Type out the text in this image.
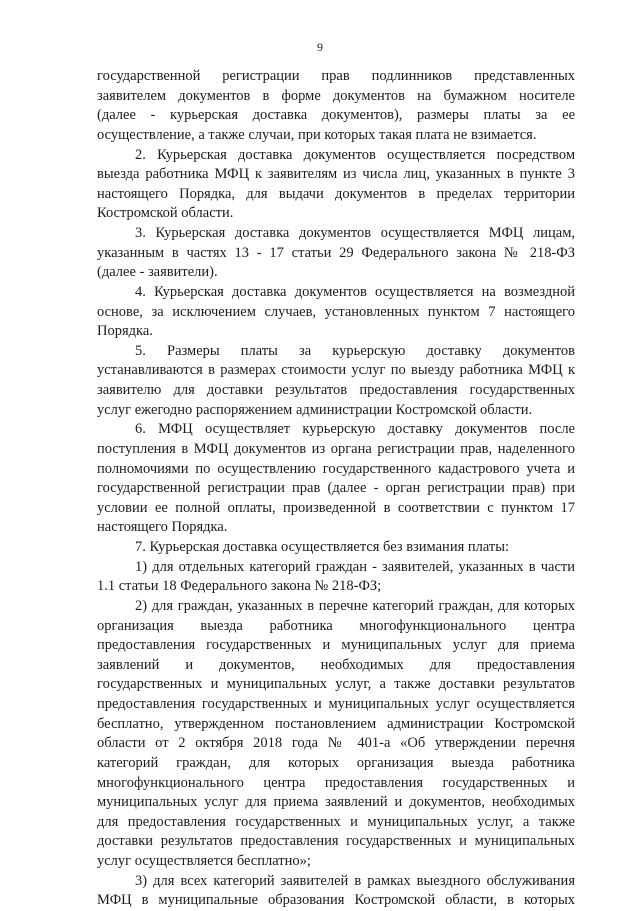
9
государственной регистрации прав подлинников представленных
заявителем документов в форме документов на бумажном носителе
(далее - курьерская доставка документов), размеры платы за ее
осуществление, а также случаи, при которых такая плата не взимается.
2. Курьерская доставка документов осуществляется посредством
выезда работника МФЦ к заявителям из числа лиц, указанных в пункте 3
настоящего Порядка, для выдачи документов в пределах территории
Костромской области.
3. Курьерская доставка документов осуществляется МФЦ лицам,
указанным в частях 13 - 17 статьи 29 Федерального закона № 218-ФЗ
(далее - заявители).
4. Курьерская доставка документов осуществляется на возмездной
основе, за исключением случаев, установленных пунктом 7 настоящего
Порядка.
5. Размеры платы за курьерскую доставку документов
устанавливаются в размерах стоимости услуг по выезду работника МФЦ к
заявителю для доставки результатов предоставления государственных
услуг ежегодно распоряжением администрации Костромской области.
6. МФЦ осуществляет курьерскую доставку документов после
поступления в МФЦ документов из органа регистрации прав, наделенного
полномочиями по осуществлению государственного кадастрового учета и
государственной регистрации прав (далее - орган регистрации прав) при
условии ее полной оплаты, произведенной в соответствии с пунктом 17
настоящего Порядка.
7. Курьерская доставка осуществляется без взимания платы:
1) для отдельных категорий граждан - заявителей, указанных в части
1.1 статьи 18 Федерального закона № 218-ФЗ;
2) для граждан, указанных в перечне категорий граждан, для которых
организация выезда работника многофункционального центра
предоставления государственных и муниципальных услуг для приема
заявлений и документов, необходимых для предоставления
государственных и муниципальных услуг, а также доставки результатов
предоставления государственных и муниципальных услуг осуществляется
бесплатно, утвержденном постановлением администрации Костромской
области от 2 октября 2018 года № 401-а «Об утверждении перечня
категорий граждан, для которых организация выезда работника
многофункционального центра предоставления государственных и
муниципальных услуг для приема заявлений и документов, необходимых
для предоставления государственных и муниципальных услуг, а также
доставки результатов предоставления государственных и муниципальных
услуг осуществляется бесплатно»;
3) для всех категорий заявителей в рамках выездного обслуживания
МФЦ в муниципальные образования Костромской области, в которых
